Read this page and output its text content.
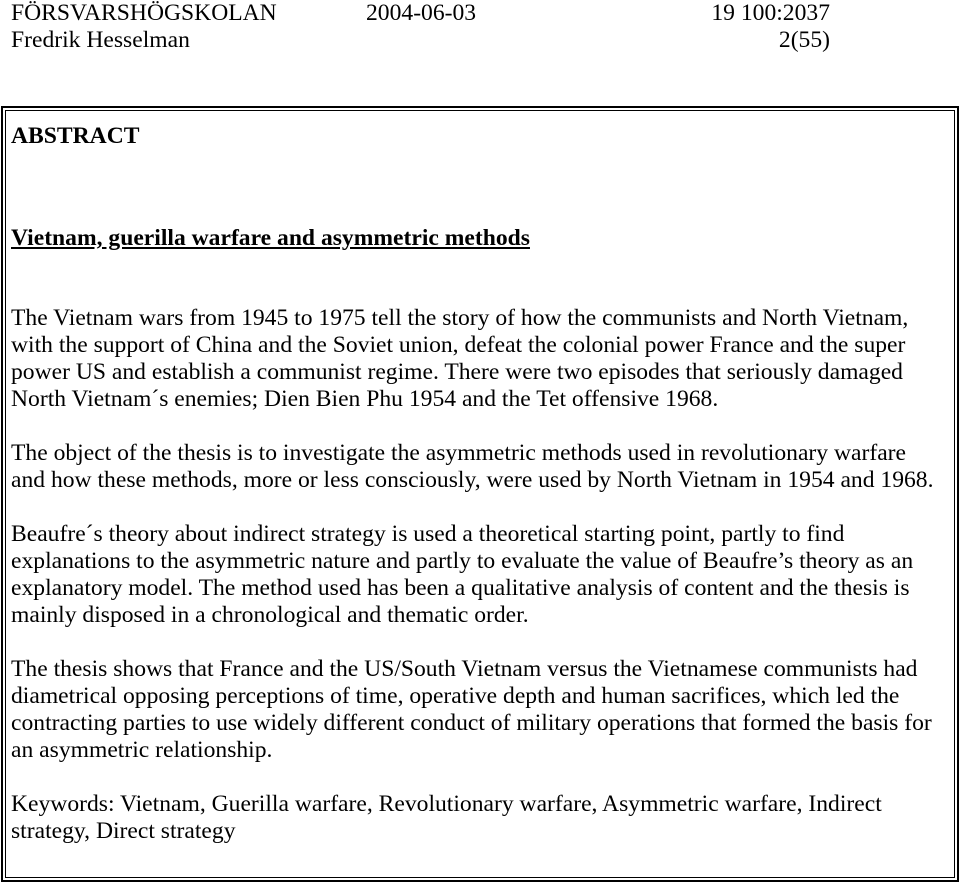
FÖRSVARSHÖGSKOLAN	2004-06-03	19 100:2037
Fredrik Hesselman	2(55)
ABSTRACT
Vietnam, guerilla warfare and asymmetric methods
The Vietnam wars from 1945 to 1975 tell the story of how the communists and North Vietnam,
with the support of China and the Soviet union, defeat the colonial power France and the super
power US and establish a communist regime. There were two episodes that seriously damaged
North Vietnam´s enemies; Dien Bien Phu 1954 and the Tet offensive 1968.
The object of the thesis is to investigate the asymmetric methods used in revolutionary warfare
and how these methods, more or less consciously, were used by North Vietnam in 1954 and 1968.
Beaufre´s theory about indirect strategy is used a theoretical starting point, partly to find
explanations to the asymmetric nature and partly to evaluate the value of Beaufre’s theory as an
explanatory model. The method used has been a qualitative analysis of content and the thesis is
mainly disposed in a chronological and thematic order.
The thesis shows that France and the US/South Vietnam versus the Vietnamese communists had
diametrical opposing perceptions of time, operative depth and human sacrifices, which led the
contracting parties to use widely different conduct of military operations that formed the basis for
an asymmetric relationship.
Keywords: Vietnam, Guerilla warfare, Revolutionary warfare, Asymmetric warfare, Indirect
strategy, Direct strategy
